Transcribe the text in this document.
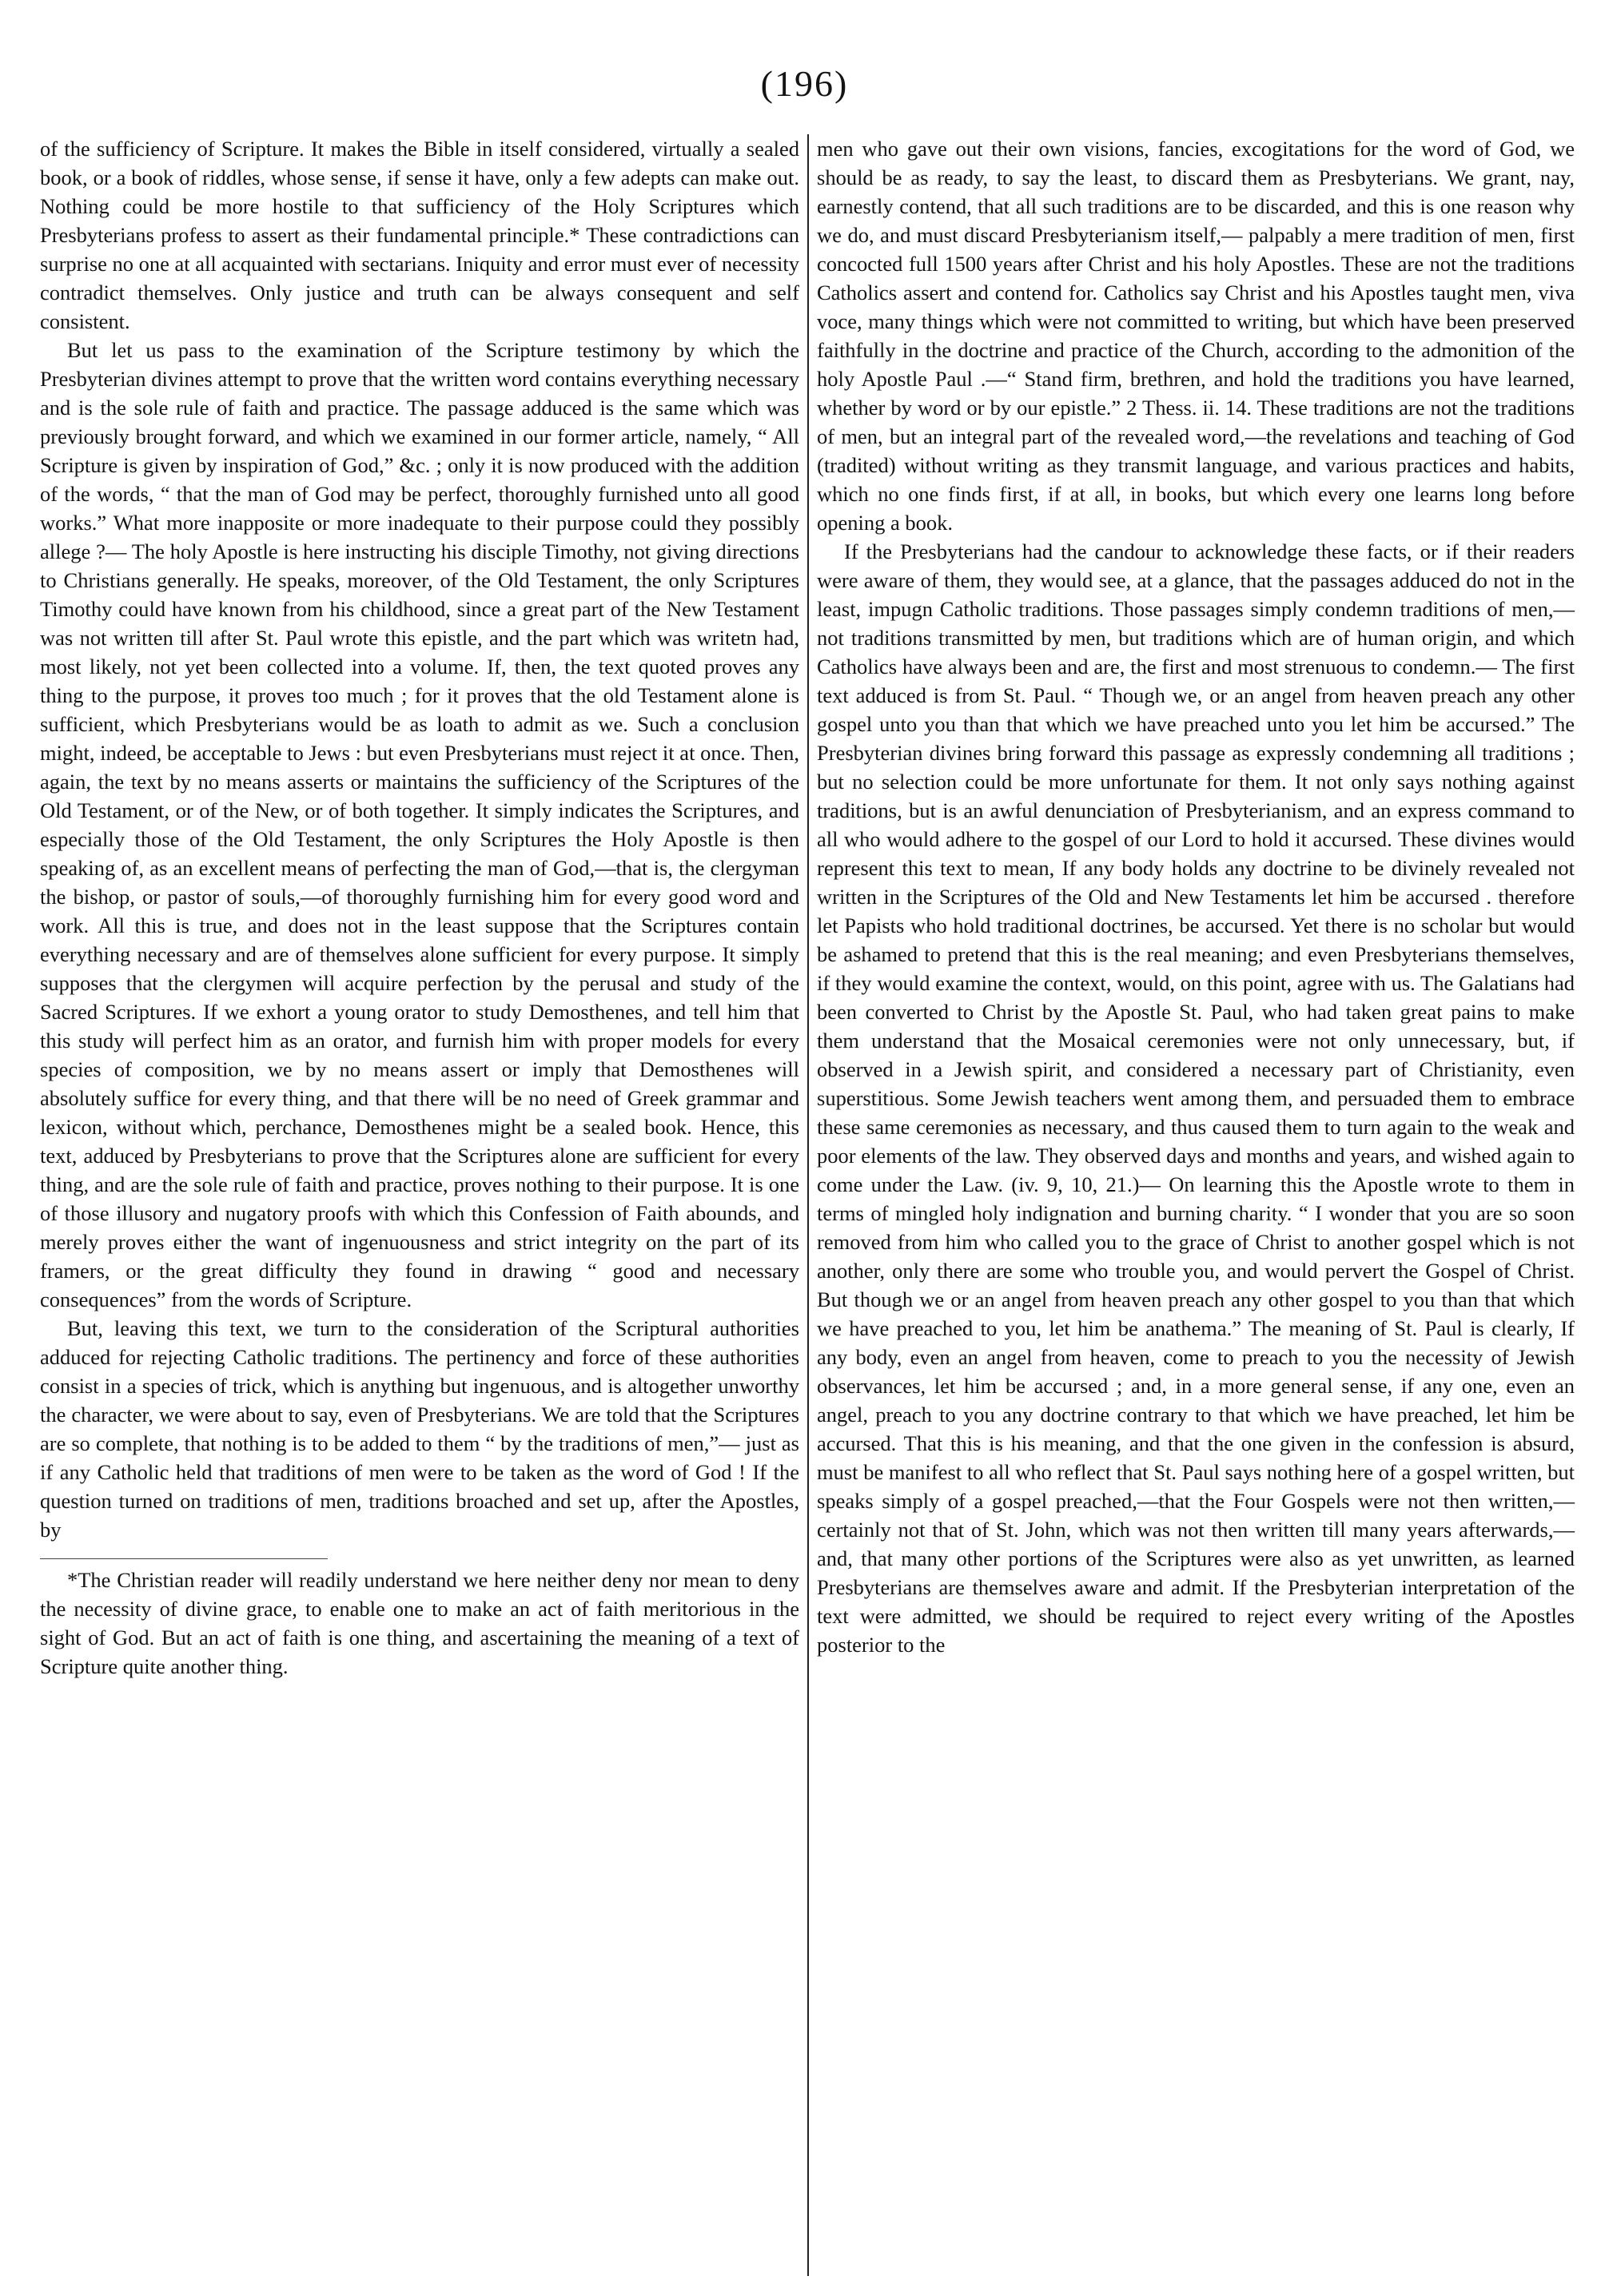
(196)

of the sufficiency of Scripture. It makes the Bible in itself considered, virtually a sealed book, or a book of riddles, whose sense, if sense it have, only a few adepts can make out. Nothing could be more hostile to that sufficiency of the Holy Scriptures which Presbyterians profess to assert as their fundamental principle.* These contradictions can surprise no one at all acquainted with sectarians. Iniquity and error must ever of necessity contradict themselves. Only justice and truth can be always consequent and self consistent.

But let us pass to the examination of the Scripture testimony by which the Presbyterian divines attempt to prove that the written word contains everything necessary and is the sole rule of faith and practice. The passage adduced is the same which was previously brought forward, and which we examined in our former article, namely, “ All Scripture is given by inspiration of God,” &c. ; only it is now produced with the addition of the words, “ that the man of God may be perfect, thoroughly furnished unto all good works.” What more inapposite or more inadequate to their purpose could they possibly allege ?— The holy Apostle is here instructing his disciple Timothy, not giving directions to Christians generally. He speaks, moreover, of the Old Testament, the only Scriptures Timothy could have known from his childhood, since a great part of the New Testament was not written till after St. Paul wrote this epistle, and the part which was writetn had, most likely, not yet been collected into a volume. If, then, the text quoted proves any thing to the purpose, it proves too much ; for it proves that the old Testament alone is sufficient, which Presbyterians would be as loath to admit as we. Such a conclusion might, indeed, be acceptable to Jews : but even Presbyterians must reject it at once. Then, again, the text by no means asserts or maintains the sufficiency of the Scriptures of the Old Testament, or of the New, or of both together. It simply indicates the Scriptures, and especially those of the Old Testament, the only Scriptures the Holy Apostle is then speaking of, as an excellent means of perfecting the man of God,—that is, the clergyman the bishop, or pastor of souls,—of thoroughly furnishing him for every good word and work. All this is true, and does not in the least suppose that the Scriptures contain everything necessary and are of themselves alone sufficient for every purpose. It simply supposes that the clergymen will acquire perfection by the perusal and study of the Sacred Scriptures. If we exhort a young orator to study Demosthenes, and tell him that this study will perfect him as an orator, and furnish him with proper models for every species of composition, we by no means assert or imply that Demosthenes will absolutely suffice for every thing, and that there will be no need of Greek grammar and lexicon, without which, perchance, Demosthenes might be a sealed book. Hence, this text, adduced by Presbyterians to prove that the Scriptures alone are sufficient for every thing, and are the sole rule of faith and practice, proves nothing to their purpose. It is one of those illusory and nugatory proofs with which this Confession of Faith abounds, and merely proves either the want of ingenuousness and strict integrity on the part of its framers, or the great difficulty they found in drawing “ good and necessary consequences” from the words of Scripture.

But, leaving this text, we turn to the consideration of the Scriptural authorities adduced for rejecting Catholic traditions. The pertinency and force of these authorities consist in a species of trick, which is anything but ingenuous, and is altogether unworthy the character, we were about to say, even of Presbyterians. We are told that the Scriptures are so complete, that nothing is to be added to them “ by the traditions of men,”— just as if any Catholic held that traditions of men were to be taken as the word of God ! If the question turned on traditions of men, traditions broached and set up, after the Apostles, by

*The Christian reader will readily understand we here neither deny nor mean to deny the necessity of divine grace, to enable one to make an act of faith meritorious in the sight of God. But an act of faith is one thing, and ascertaining the meaning of a text of Scripture quite another thing.

men who gave out their own visions, fancies, excogitations for the word of God, we should be as ready, to say the least, to discard them as Presbyterians. We grant, nay, earnestly contend, that all such traditions are to be discarded, and this is one reason why we do, and must discard Presbyterianism itself,— palpably a mere tradition of men, first concocted full 1500 years after Christ and his holy Apostles. These are not the traditions Catholics assert and contend for. Catholics say Christ and his Apostles taught men, viva voce, many things which were not committed to writing, but which have been preserved faithfully in the doctrine and practice of the Church, according to the admonition of the holy Apostle Paul .—“ Stand firm, brethren, and hold the traditions you have learned, whether by word or by our epistle.” 2 Thess. ii. 14. These traditions are not the traditions of men, but an integral part of the revealed word,—the revelations and teaching of God (tradited) without writing as they transmit language, and various practices and habits, which no one finds first, if at all, in books, but which every one learns long before opening a book.

If the Presbyterians had the candour to acknowledge these facts, or if their readers were aware of them, they would see, at a glance, that the passages adduced do not in the least, impugn Catholic traditions. Those passages simply condemn traditions of men,—not traditions transmitted by men, but traditions which are of human origin, and which Catholics have always been and are, the first and most strenuous to condemn.— The first text adduced is from St. Paul. “ Though we, or an angel from heaven preach any other gospel unto you than that which we have preached unto you let him be accursed.” The Presbyterian divines bring forward this passage as expressly condemning all traditions ; but no selection could be more unfortunate for them. It not only says nothing against traditions, but is an awful denunciation of Presbyterianism, and an express command to all who would adhere to the gospel of our Lord to hold it accursed. These divines would represent this text to mean, If any body holds any doctrine to be divinely revealed not written in the Scriptures of the Old and New Testaments let him be accursed . therefore let Papists who hold traditional doctrines, be accursed. Yet there is no scholar but would be ashamed to pretend that this is the real meaning; and even Presbyterians themselves, if they would examine the context, would, on this point, agree with us. The Galatians had been converted to Christ by the Apostle St. Paul, who had taken great pains to make them understand that the Mosaical ceremonies were not only unnecessary, but, if observed in a Jewish spirit, and considered a necessary part of Christianity, even superstitious. Some Jewish teachers went among them, and persuaded them to embrace these same ceremonies as necessary, and thus caused them to turn again to the weak and poor elements of the law. They observed days and months and years, and wished again to come under the Law. (iv. 9, 10, 21.)— On learning this the Apostle wrote to them in terms of mingled holy indignation and burning charity. “ I wonder that you are so soon removed from him who called you to the grace of Christ to another gospel which is not another, only there are some who trouble you, and would pervert the Gospel of Christ. But though we or an angel from heaven preach any other gospel to you than that which we have preached to you, let him be anathema.” The meaning of St. Paul is clearly, If any body, even an angel from heaven, come to preach to you the necessity of Jewish observances, let him be accursed ; and, in a more general sense, if any one, even an angel, preach to you any doctrine contrary to that which we have preached, let him be accursed. That this is his meaning, and that the one given in the confession is absurd, must be manifest to all who reflect that St. Paul says nothing here of a gospel written, but speaks simply of a gospel preached,—that the Four Gospels were not then written,—certainly not that of St. John, which was not then written till many years afterwards,—and, that many other portions of the Scriptures were also as yet unwritten, as learned Presbyterians are themselves aware and admit. If the Presbyterian interpretation of the text were admitted, we should be required to reject every writing of the Apostles posterior to the
